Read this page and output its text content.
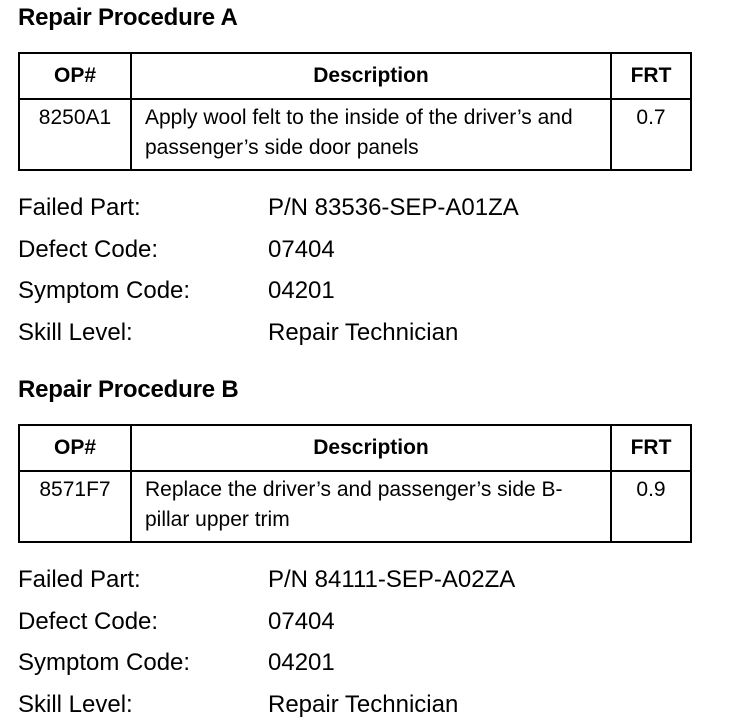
Repair Procedure A
OP#	Description	FRT
8250A1	Apply wool felt to the inside of the driver’s and passenger’s side door panels	0.7
Failed Part:	P/N 83536-SEP-A01ZA
Defect Code:	07404
Symptom Code:	04201
Skill Level:	Repair Technician
Repair Procedure B
OP#	Description	FRT
8571F7	Replace the driver’s and passenger’s side B-pillar upper trim	0.9
Failed Part:	P/N 84111-SEP-A02ZA
Defect Code:	07404
Symptom Code:	04201
Skill Level:	Repair Technician
